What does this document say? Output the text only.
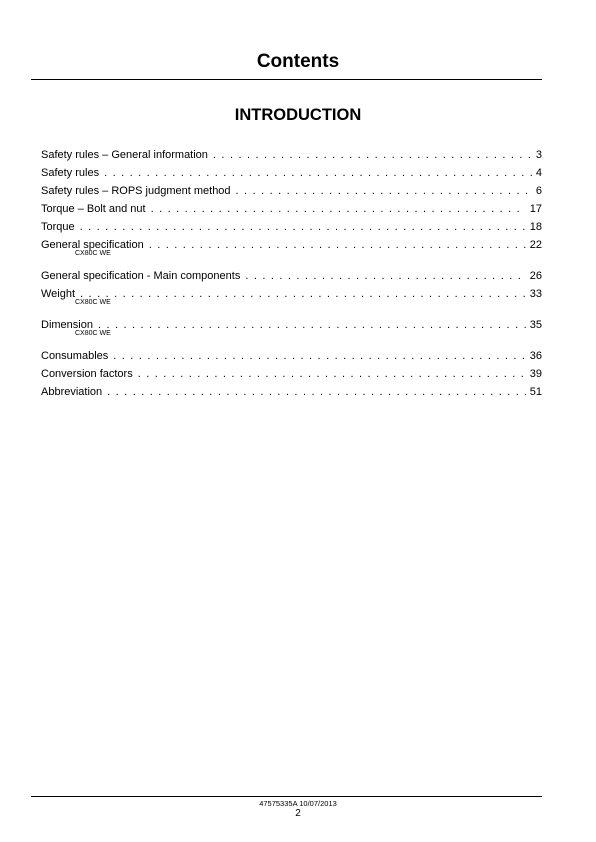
Contents
INTRODUCTION
Safety rules – General information . . .	3
Safety rules . . .	4
Safety rules – ROPS judgment method . . .	6
Torque – Bolt and nut . . .	17
Torque . . .	18
General specification . . .	22
CX80C WE
General specification - Main components . . .	26
Weight . . .	33
CX80C WE
Dimension . . .	35
CX80C WE
Consumables . . .	36
Conversion factors . . .	39
Abbreviation . . .	51
47575335A 10/07/2013
2
